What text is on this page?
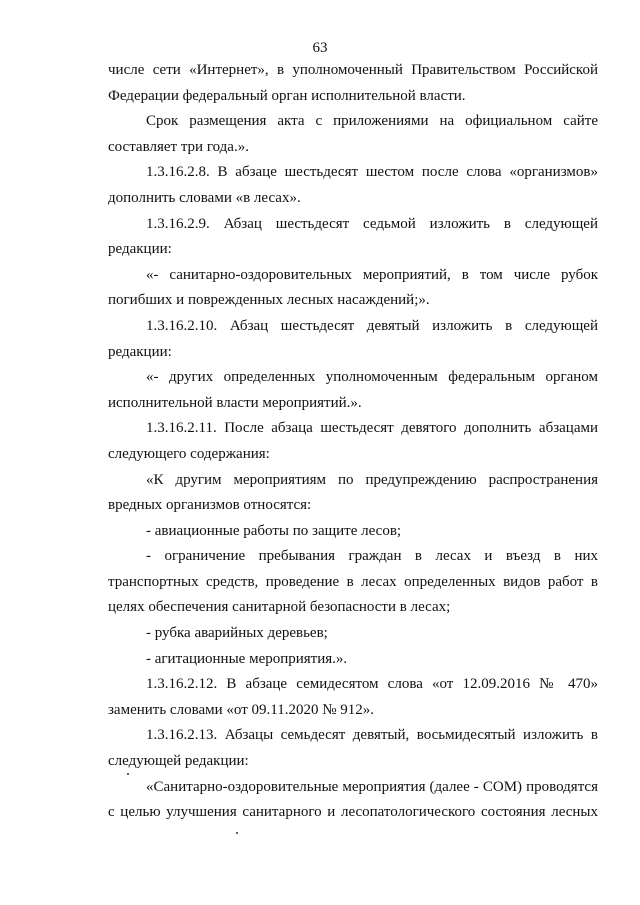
63

числе сети «Интернет», в уполномоченный Правительством Российской

Федерации федеральный орган исполнительной власти.

Срок размещения акта с приложениями на официальном сайте

составляет три года.».

1.3.16.2.8. В абзаце шестьдесят шестом после слова «организмов»

дополнить словами «в лесах».

1.3.16.2.9. Абзац шестьдесят седьмой изложить в следующей

редакции:

«- санитарно-оздоровительных мероприятий, в том числе рубок

погибших и поврежденных лесных насаждений;».

1.3.16.2.10. Абзац шестьдесят девятый изложить в следующей

редакции:

«- других определенных уполномоченным федеральным органом

исполнительной власти мероприятий.».

1.3.16.2.11. После абзаца шестьдесят девятого дополнить абзацами

следующего содержания:

«К другим мероприятиям по предупреждению распространения

вредных организмов относятся:

- авиационные работы по защите лесов;

- ограничение пребывания граждан в лесах и въезд в них

транспортных средств, проведение в лесах определенных видов работ в

целях обеспечения санитарной безопасности в лесах;

- рубка аварийных деревьев;

- агитационные мероприятия.».

1.3.16.2.12. В абзаце семидесятом слова «от 12.09.2016 № 470»

заменить словами «от 09.11.2020 № 912».

1.3.16.2.13. Абзацы семьдесят девятый, восьмидесятый изложить в

следующей редакции:

«Санитарно-оздоровительные мероприятия (далее - СОМ) проводятся

с целью улучшения санитарного и лесопатологического состояния лесных
